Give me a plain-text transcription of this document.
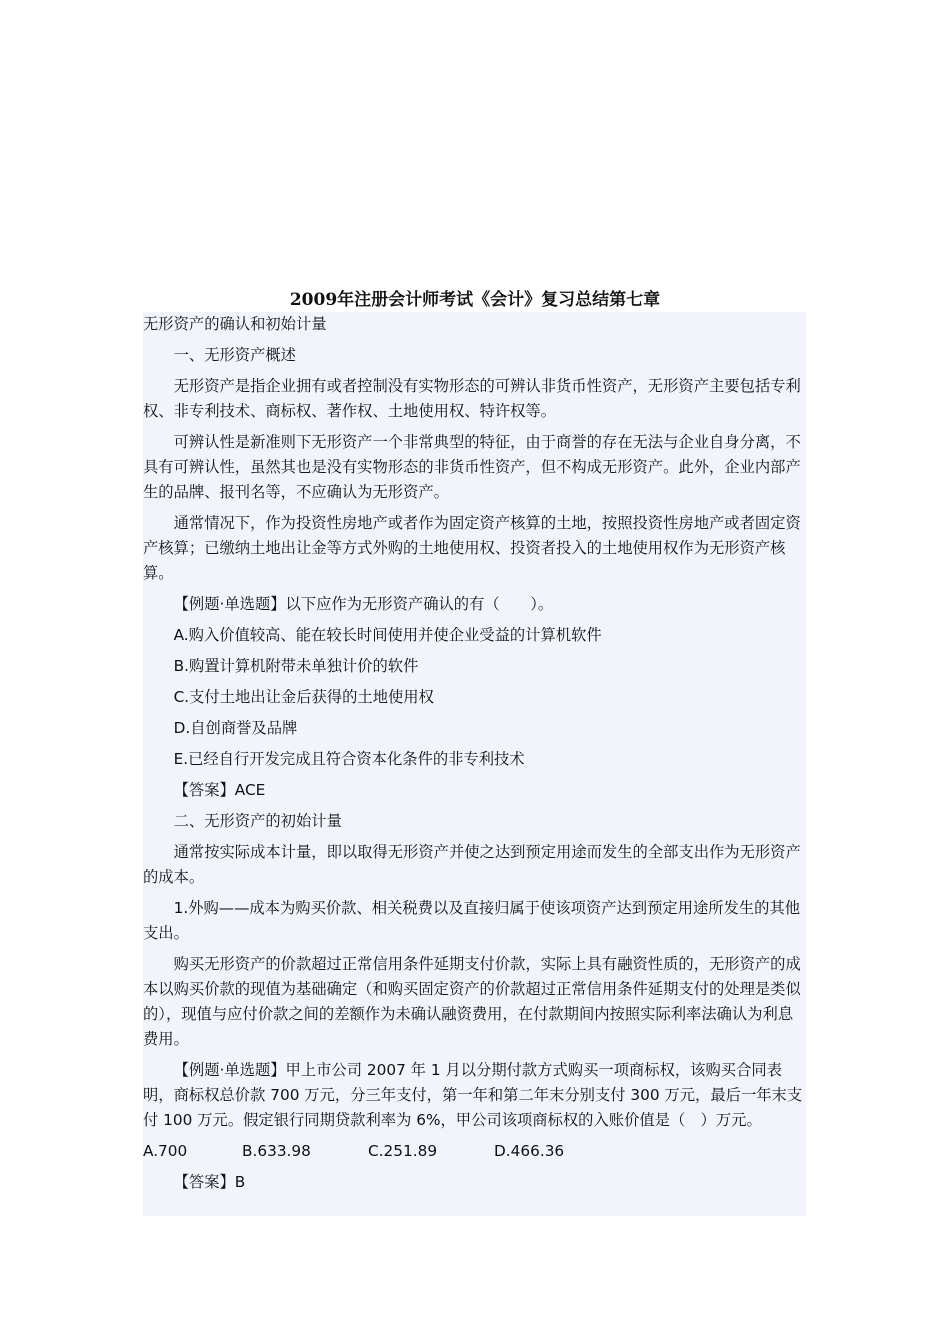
2009年注册会计师考试《会计》复习总结第七章

无形资产的确认和初始计量

一、无形资产概述

无形资产是指企业拥有或者控制没有实物形态的可辨认非货币性资产，无形资产主要包括专利权、非专利技术、商标权、著作权、土地使用权、特许权等。

可辨认性是新准则下无形资产一个非常典型的特征，由于商誉的存在无法与企业自身分离，不具有可辨认性，虽然其也是没有实物形态的非货币性资产，但不构成无形资产。此外，企业内部产生的品牌、报刊名等，不应确认为无形资产。

通常情况下，作为投资性房地产或者作为固定资产核算的土地，按照投资性房地产或者固定资产核算；已缴纳土地出让金等方式外购的土地使用权、投资者投入的土地使用权作为无形资产核算。

【例题·单选题】以下应作为无形资产确认的有（　　）。

A.购入价值较高、能在较长时间使用并使企业受益的计算机软件

B.购置计算机附带未单独计价的软件

C.支付土地出让金后获得的土地使用权

D.自创商誉及品牌

E.已经自行开发完成且符合资本化条件的非专利技术

【答案】ACE

二、无形资产的初始计量

通常按实际成本计量，即以取得无形资产并使之达到预定用途而发生的全部支出作为无形资产的成本。

1.外购——成本为购买价款、相关税费以及直接归属于使该项资产达到预定用途所发生的其他支出。

购买无形资产的价款超过正常信用条件延期支付价款，实际上具有融资性质的，无形资产的成本以购买价款的现值为基础确定（和购买固定资产的价款超过正常信用条件延期支付的处理是类似的），现值与应付价款之间的差额作为未确认融资费用，在付款期间内按照实际利率法确认为利息费用。

【例题·单选题】甲上市公司 2007 年 1 月以分期付款方式购买一项商标权，该购买合同表明，商标权总价款 700 万元，分三年支付，第一年和第二年末分别支付 300 万元，最后一年末支付 100 万元。假定银行同期贷款利率为 6%，甲公司该项商标权的入账价值是（　）万元。

A.700	B.633.98	C.251.89	D.466.36

【答案】B
